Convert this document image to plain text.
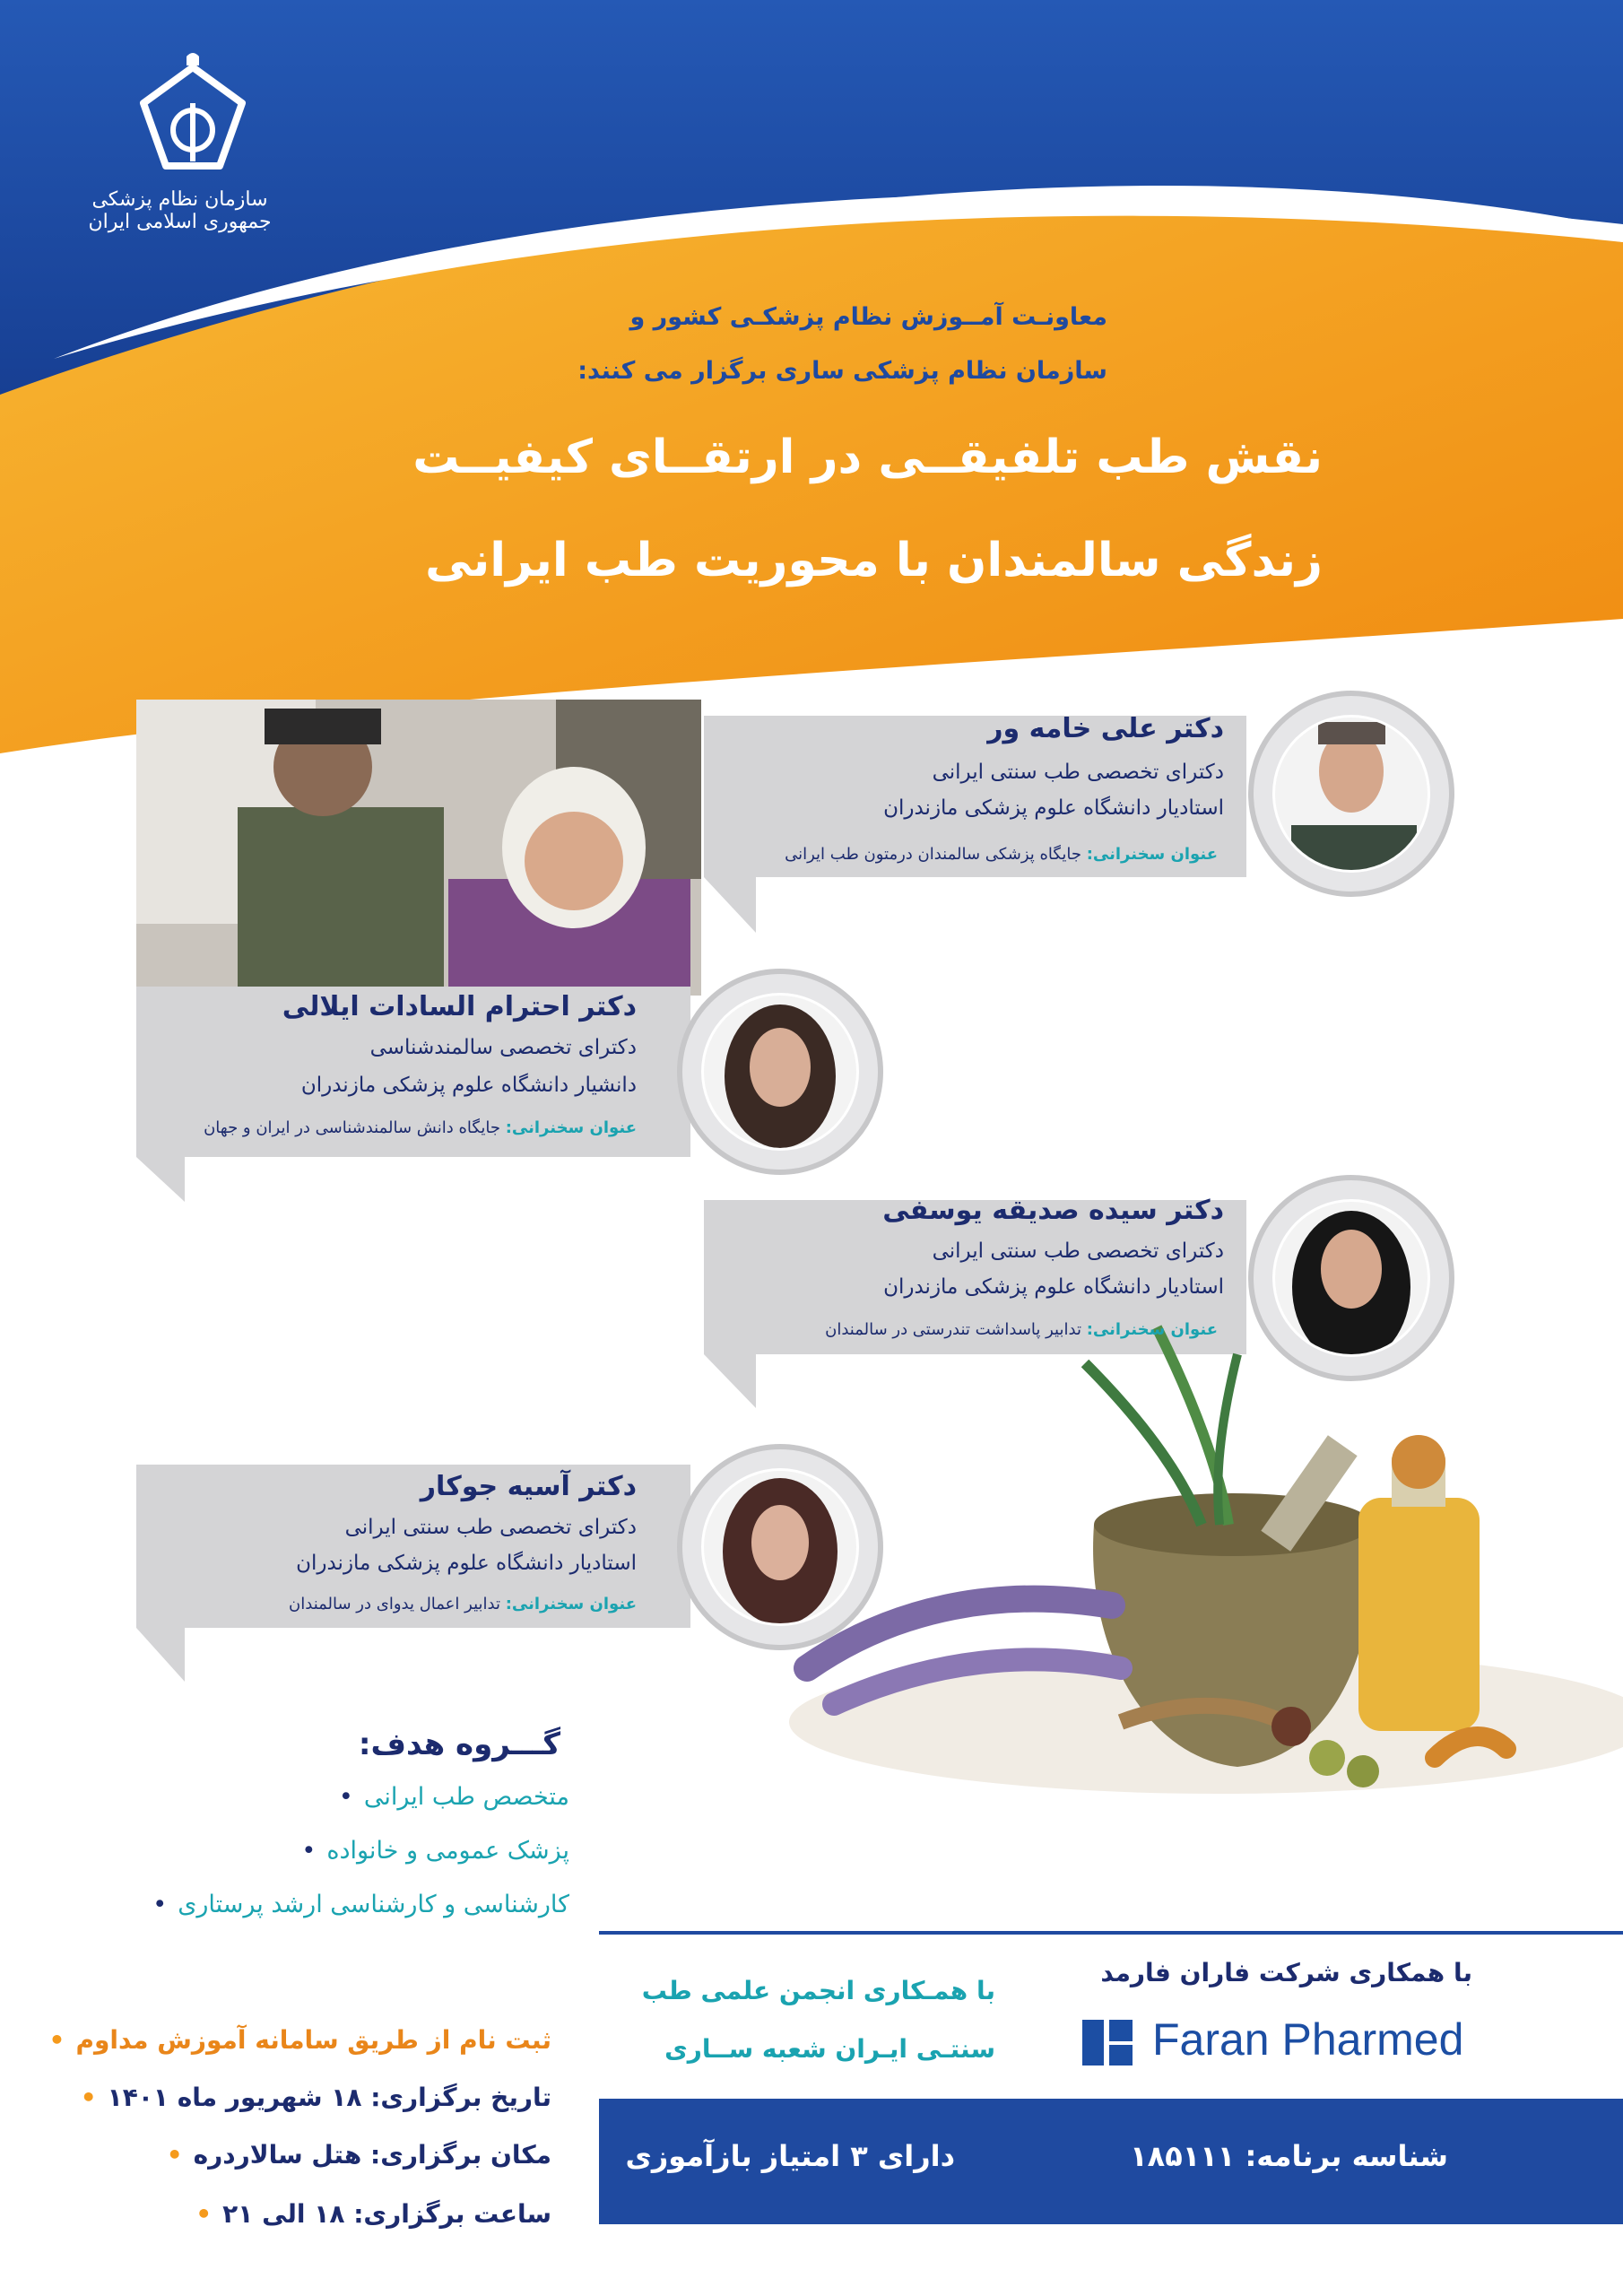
سازمان نظام پزشکی جمهوری اسلامی ایران
معاونـت آمــوزش نظام پزشکـی کشور و
سازمان نظام پزشکی ساری برگزار می کنند:
نقش طب تلفیقــی در ارتقــای کیفیــت
زندگی سالمندان با محوریت طب ایرانی
دکتر علی خامه ور
دکترای تخصصی طب سنتی ایرانی
استادیار دانشگاه علوم پزشکی مازندران
عنوان سخنرانی: جایگاه پزشکی سالمندان درمتون طب ایرانی
دکتر احترام السادات ایلالی
دکترای تخصصی سالمندشناسی
دانشیار دانشگاه علوم پزشکی مازندران
عنوان سخنرانی: جایگاه دانش سالمندشناسی در ایران و جهان
دکتر سیده صدیقه یوسفی
دکترای تخصصی طب سنتی ایرانی
استادیار دانشگاه علوم پزشکی مازندران
عنوان سخنرانی: تدابیر پاسداشت تندرستی در سالمندان
دکتر آسیه جوکار
دکترای تخصصی طب سنتی ایرانی
استادیار دانشگاه علوم پزشکی مازندران
عنوان سخنرانی: تدابیر اعمال یدوای در سالمندان
گـــروه هدف:
متخصص طب ایرانی •
پزشک عمومی و خانواده •
کارشناسی و کارشناسی ارشد پرستاری •
ثبت نام از طریق سامانه آموزش مداوم •
تاریخ برگزاری: ۱۸ شهریور ماه ۱۴۰۱ •
مکان برگزاری: هتل سالاردره •
ساعت برگزاری: ۱۸ الی ۲۱ •
با همکاری شرکت فاران فارمد
Faran Pharmed
با همـکاری انجمن علمی طب
سنتـی ایـران شعبه ســاری
شناسه برنامه: ۱۸۵۱۱۱
دارای ۳ امتیاز بازآموزی
